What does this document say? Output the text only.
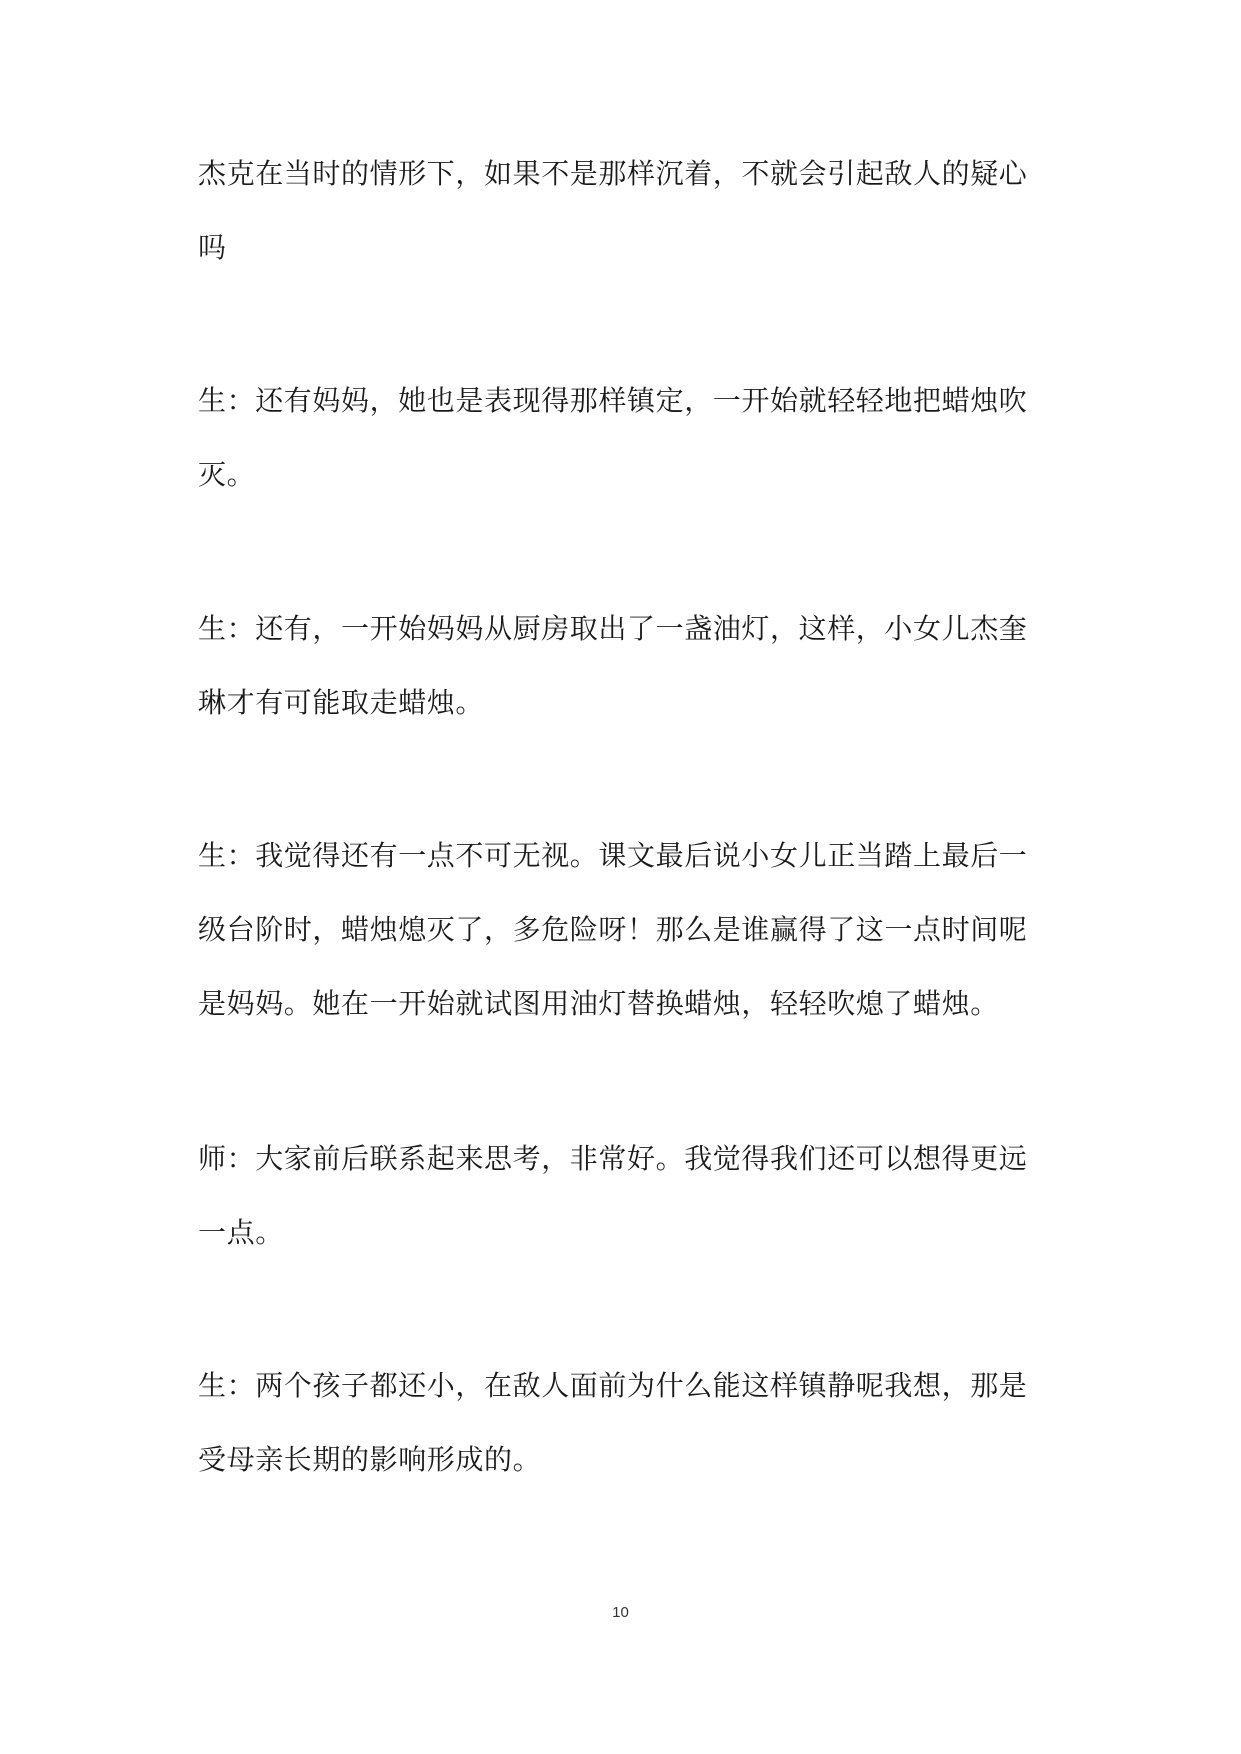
杰克在当时的情形下，如果不是那样沉着，不就会引起敌人的疑心
吗

生：还有妈妈，她也是表现得那样镇定，一开始就轻轻地把蜡烛吹
灭。

生：还有，一开始妈妈从厨房取出了一盏油灯，这样，小女儿杰奎
琳才有可能取走蜡烛。

生：我觉得还有一点不可无视。课文最后说小女儿正当踏上最后一
级台阶时，蜡烛熄灭了，多危险呀！那么是谁赢得了这一点时间呢
是妈妈。她在一开始就试图用油灯替换蜡烛，轻轻吹熄了蜡烛。

师：大家前后联系起来思考，非常好。我觉得我们还可以想得更远
一点。

生：两个孩子都还小，在敌人面前为什么能这样镇静呢我想，那是
受母亲长期的影响形成的。

10
